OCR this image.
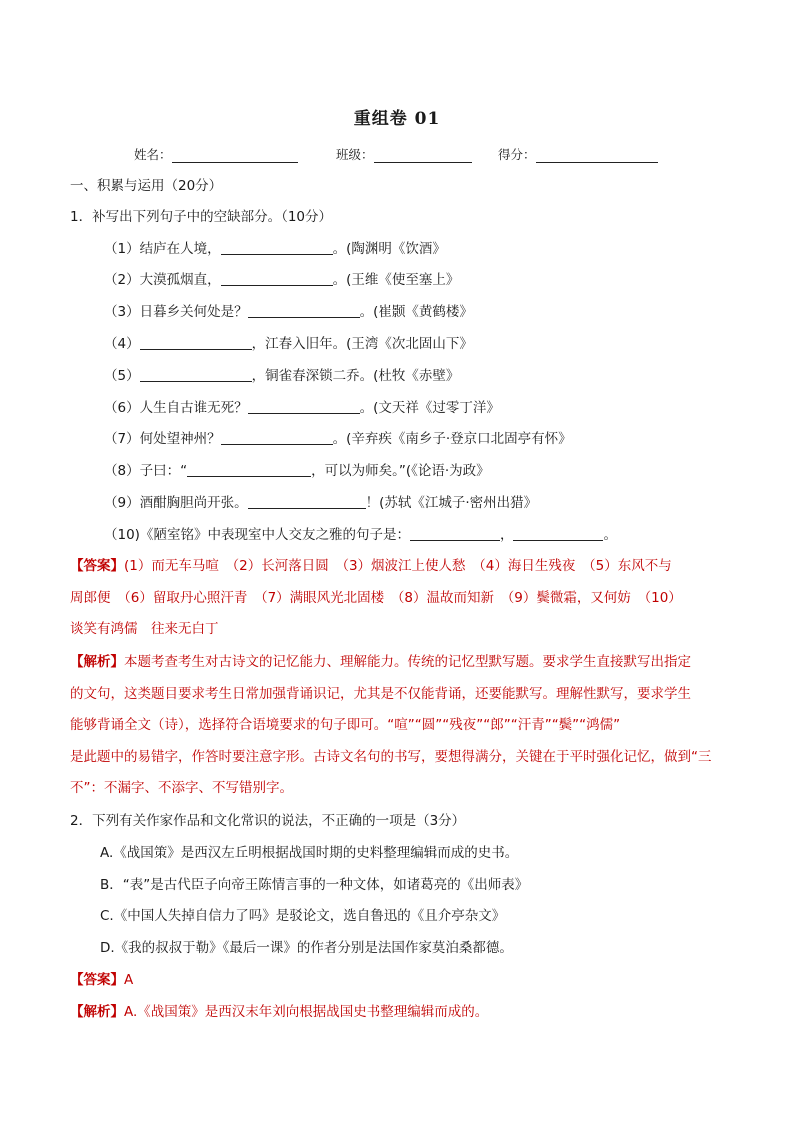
重组卷 01
姓名：	班级：	得分：
一、积累与运用（20分）
1．补写出下列句子中的空缺部分。（10分）
（1）结庐在人境，	。(陶渊明《饮酒》
（2）大漠孤烟直，	。(王维《使至塞上》
（3）日暮乡关何处是？	。(崔颢《黄鹤楼》
（4）	，江春入旧年。(王湾《次北固山下》
（5）	，铜雀春深锁二乔。(杜牧《赤壁》
（6）人生自古谁无死？	。(文天祥《过零丁洋》
（7）何处望神州？	。(辛弃疾《南乡子·登京口北固亭有怀》
（8）子曰：“	，可以为师矣。”(《论语·为政》
（9）酒酣胸胆尚开张。	！(苏轼《江城子·密州出猎》
（10)《陋室铭》中表现室中人交友之雅的句子是：	，	。
【答案】(1）而无车马喧　（2）长河落日圆　（3）烟波江上使人愁　（4）海日生残夜　（5）东风不与
周郎便　（6）留取丹心照汗青　（7）满眼风光北固楼　（8）温故而知新　（9）鬓微霜，又何妨　（10）
谈笑有鸿儒　往来无白丁
【解析】本题考查考生对古诗文的记忆能力、理解能力。传统的记忆型默写题。要求学生直接默写出指定
的文句，这类题目要求考生日常加强背诵识记，尤其是不仅能背诵，还要能默写。理解性默写，要求学生
能够背诵全文（诗），选择符合语境要求的句子即可。“喧”“圆”“残夜”“郎”“汗青”“鬓”“鸿儒”
是此题中的易错字，作答时要注意字形。古诗文名句的书写，要想得满分，关键在于平时强化记忆，做到“三
不”：不漏字、不添字、不写错别字。
2．下列有关作家作品和文化常识的说法，不正确的一项是（3分）
A.《战国策》是西汉左丘明根据战国时期的史料整理编辑而成的史书。
B．“表”是古代臣子向帝王陈情言事的一种文体，如诸葛亮的《出师表》
C.《中国人失掉自信力了吗》是驳论文，选自鲁迅的《且介亭杂文》
D.《我的叔叔于勒》《最后一课》的作者分别是法国作家莫泊桑都德。
【答案】A
【解析】A.《战国策》是西汉末年刘向根据战国史书整理编辑而成的。
